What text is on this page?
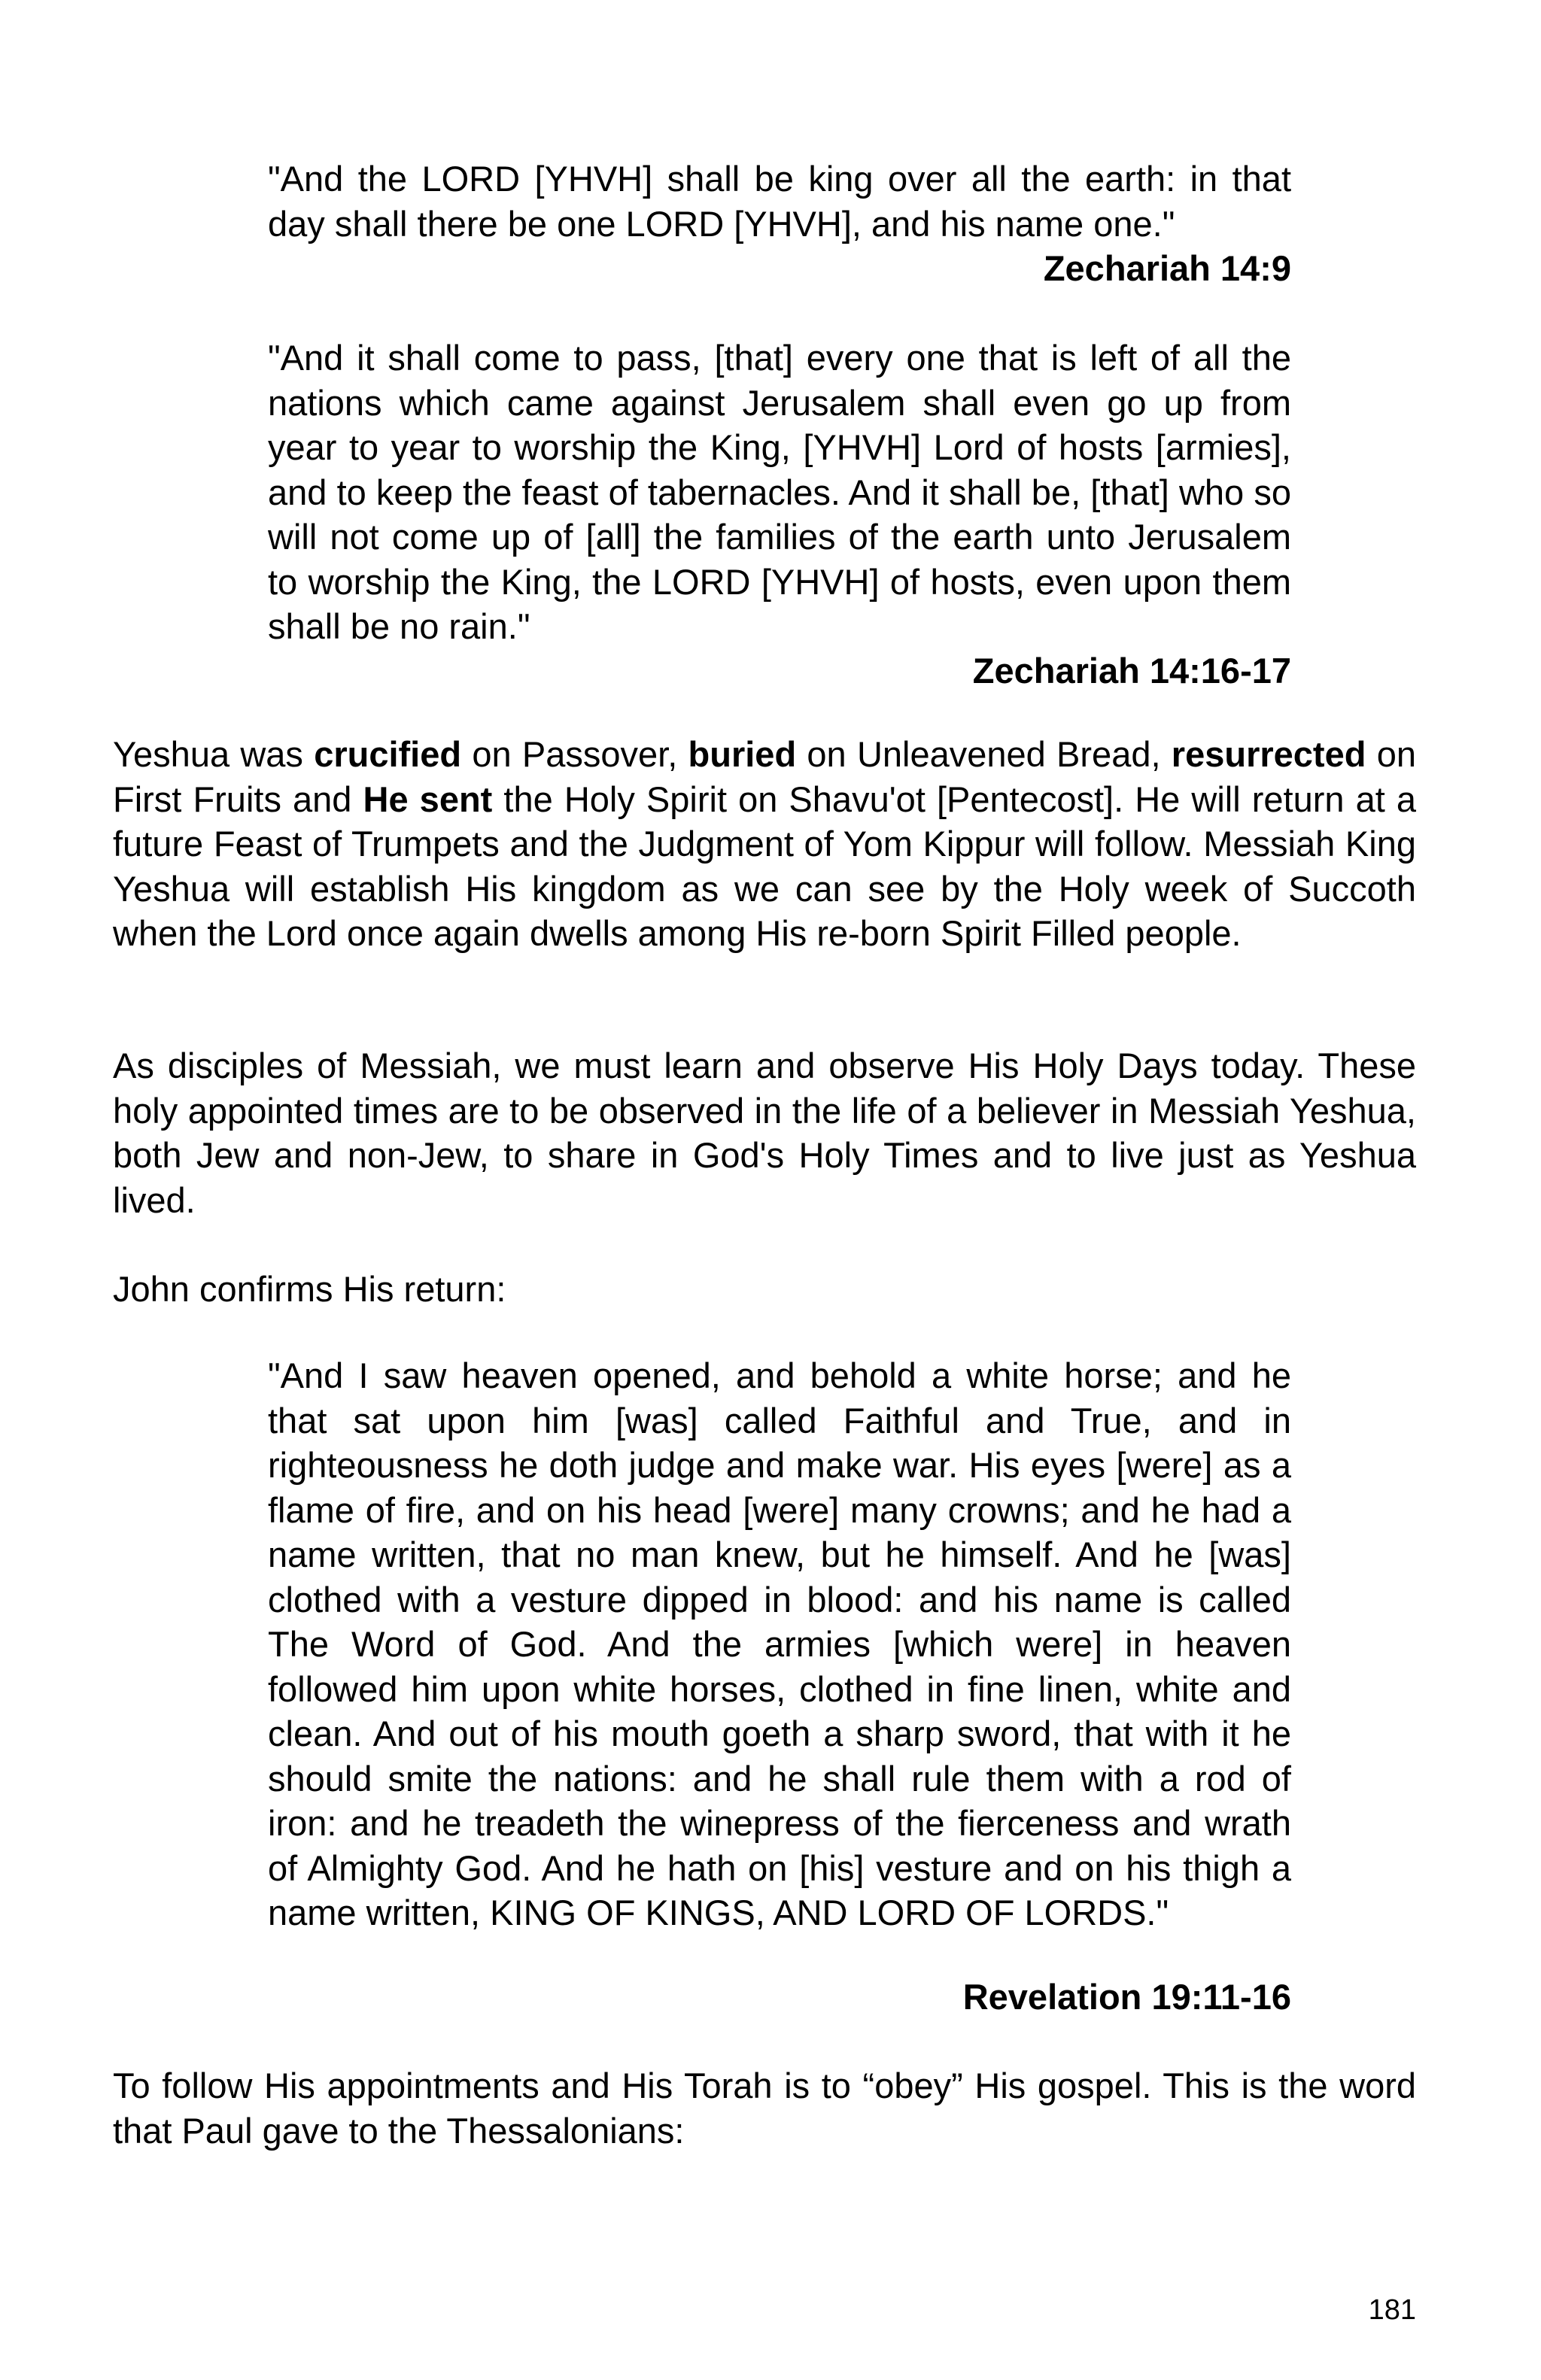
"And the LORD [YHVH] shall be king over all the earth: in that day shall there be one LORD [YHVH], and his name one."
Zechariah 14:9

"And it shall come to pass, [that] every one that is left of all the nations which came against Jerusalem shall even go up from year to year to worship the King, [YHVH] Lord of hosts [armies], and to keep the feast of tabernacles. And it shall be, [that] who so will not come up of [all] the families of the earth unto Jerusalem to worship the King, the LORD [YHVH] of hosts, even upon them shall be no rain."

Zechariah 14:16-17

Yeshua was crucified on Passover, buried on Unleavened Bread, resurrected on First Fruits and He sent the Holy Spirit on Shavu'ot [Pentecost]. He will return at a future Feast of Trumpets and the Judgment of Yom Kippur will follow. Messiah King Yeshua will establish His kingdom as we can see by the Holy week of Succoth when the Lord once again dwells among His re-born Spirit Filled people.

As disciples of Messiah, we must learn and observe His Holy Days today. These holy appointed times are to be observed in the life of a believer in Messiah Yeshua, both Jew and non-Jew, to share in God's Holy Times and to live just as Yeshua lived.

John confirms His return:

"And I saw heaven opened, and behold a white horse; and he that sat upon him [was] called Faithful and True, and in righteousness he doth judge and make war. His eyes [were] as a flame of fire, and on his head [were] many crowns; and he had a name written, that no man knew, but he himself. And he [was] clothed with a vesture dipped in blood: and his name is called The Word of God. And the armies [which were] in heaven followed him upon white horses, clothed in fine linen, white and clean. And out of his mouth goeth a sharp sword, that with it he should smite the nations: and he shall rule them with a rod of iron: and he treadeth the winepress of the fierceness and wrath of Almighty God. And he hath on [his] vesture and on his thigh a name written, KING OF KINGS, AND LORD OF LORDS."

Revelation 19:11-16

To follow His appointments and His Torah is to “obey” His gospel. This is the word that Paul gave to the Thessalonians:

181
